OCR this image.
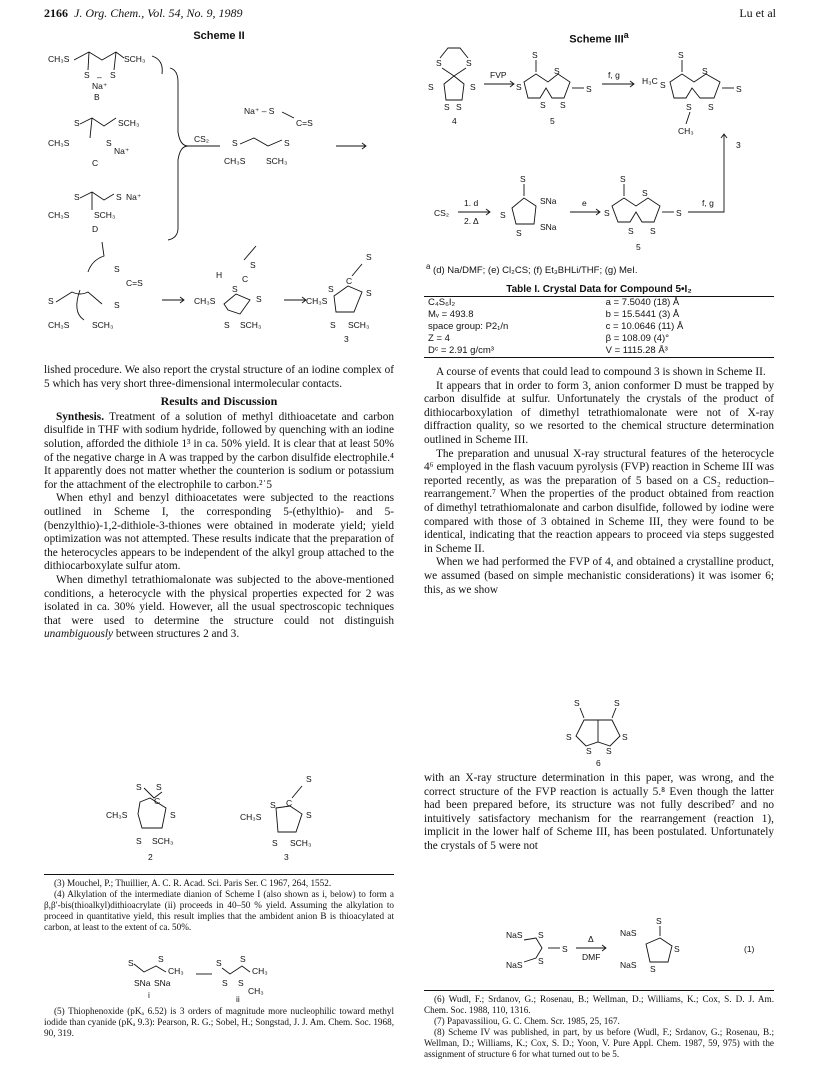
2166 J. Org. Chem., Vol. 54, No. 9, 1989	Lu et al
Scheme II
CH₃S	SCH₃
S S
–
Na⁺
B
S	SCH₃
CH₃S	S
Na⁺
C
S	S Na⁺
CH₃S	SCH₃
D
CS₂
Na⁺ – S
C=S
S
S
CH₃S SCH₃
S
C=S
S	S
CH₃S	SCH₃
H
S
S
C
S
CH₃S
SCH₃
S
S
C
S	S
CH₃S
S SCH₃
3

lished procedure. We also report the crystal structure of an iodine complex of 5 which has very short three-dimensional intermolecular contacts.

Results and Discussion

Synthesis. Treatment of a solution of methyl dithioacetate and carbon disulfide in THF with sodium hydride, followed by quenching with an iodine solution, afforded the dithiole 1³ in ca. 50% yield. It is clear that at least 50% of the negative charge in A was trapped by the carbon disulfide electrophile.⁴ It apparently does not matter whether the counterion is sodium or potassium for the attachment of the electrophile to carbon.²˙5

When ethyl and benzyl dithioacetates were subjected to the reactions outlined in Scheme I, the corresponding 5-(ethylthio)- and 5-(benzylthio)-1,2-dithiole-3-thiones were obtained in moderate yield; yield optimization was not attempted. These results indicate that the preparation of the heterocycles appears to be independent of the alkyl group attached to the dithiocarboxylate sulfur atom.

When dimethyl tetrathiomalonate was subjected to the above-mentioned conditions, a heterocycle with the physical properties expected for 2 was isolated in ca. 30% yield. However, all the usual spectroscopic techniques that were used to determine the structure could not distinguish unambiguously between structures 2 and 3.

S S
C
S
CH₃S
S SCH₃
2
S
C
S
S
CH₃S
S SCH₃
3

(3) Mouchel, P.; Thuillier, A. C. R. Acad. Sci. Paris Ser. C 1967, 264, 1552.

(4) Alkylation of the intermediate dianion of Scheme I (also shown as i, below) to form a β,β′-bis(thioalkyl)dithioacrylate (ii) proceeds in 40–50 % yield. Assuming the alkylation to proceed in quantitative yield, this result implies that the ambident anion B is thioacylated at carbon, at least to the extent of ca. 50%.

S	S
CH₃
SNa SNa
i
S S
CH₃
S S
CH₃
ii

(5) Thiophenoxide (pKₐ 6.52) is 3 orders of magnitude more nucleophilic toward methyl iodide than cyanide (pKₐ 9.3): Pearson, R. G.; Sobel, H.; Songstad, J. J. Am. Chem. Soc. 1968, 90, 319.

Scheme III$^a$
S	S
S	S
S S
4
FVP
S
S
S
S S
S
5
f, g
H₃C
S
S
S
S S
S
CH₃
3
CS₂
1. d
2. Δ
S
S
S
SNa
SNa
e
S
S
S
S S
S
5
f, g
$^a$ (d) Na/DMF; (e) Cl₂CS; (f) Et₃BHLi/THF; (g) MeI.
Table I. Crystal Data for Compound 5•I₂
C₄S₆I₂	a = 7.5040 (18) Å
Mᵥ = 493.8	b = 15.5441 (3) Å
space group: P2₁/n	c = 10.0646 (11) Å
Z = 4	β = 108.09 (4)°
Dᶜ = 2.91 g/cm³	V = 1115.28 Å³

A course of events that could lead to compound 3 is shown in Scheme II.

It appears that in order to form 3, anion conformer D must be trapped by carbon disulfide at sulfur. Unfortunately the crystals of the product of dithiocarboxylation of dimethyl tetrathiomalonate were not of X-ray diffraction quality, so we resorted to the chemical structure determination outlined in Scheme III.

The preparation and unusual X-ray structural features of the heterocycle 4⁶ employed in the flash vacuum pyrolysis (FVP) reaction in Scheme III was reported recently, as was the preparation of 5 based on a CS₂ reduction–rearrangement.⁷ When the properties of the product obtained from reaction of dimethyl tetrathiomalonate and carbon disulfide, followed by iodine were compared with those of 3 obtained in Scheme III, they were found to be identical, indicating that the reaction appears to proceed via steps suggested in Scheme II.

When we had performed the FVP of 4, and obtained a crystalline product, we assumed (based on simple mechanistic considerations) it was isomer 6; this, as we show

S	S
S	S
S S
6

with an X-ray structure determination in this paper, was wrong, and the correct structure of the FVP reaction is actually 5.⁸ Even though the latter had been prepared before, its structure was not fully described⁷ and no intuitively satisfactory mechanism for the rearrangement (reaction 1), implicit in the lower half of Scheme III, has been postulated. Unfortunately the crystals of 5 were not

NaS
NaS
S
S
S
Δ
DMF
NaS
NaS
S
S
S
(1)

(6) Wudl, F.; Srdanov, G.; Rosenau, B.; Wellman, D.; Williams, K.; Cox, S. D. J. Am. Chem. Soc. 1988, 110, 1316.

(7) Papavassiliou, G. C. Chem. Scr. 1985, 25, 167.

(8) Scheme IV was published, in part, by us before (Wudl, F.; Srdanov, G.; Rosenau, B.; Wellman, D.; Williams, K.; Cox, S. D.; Yoon, V. Pure Appl. Chem. 1987, 59, 975) with the assignment of structure 6 for what turned out to be 5.
